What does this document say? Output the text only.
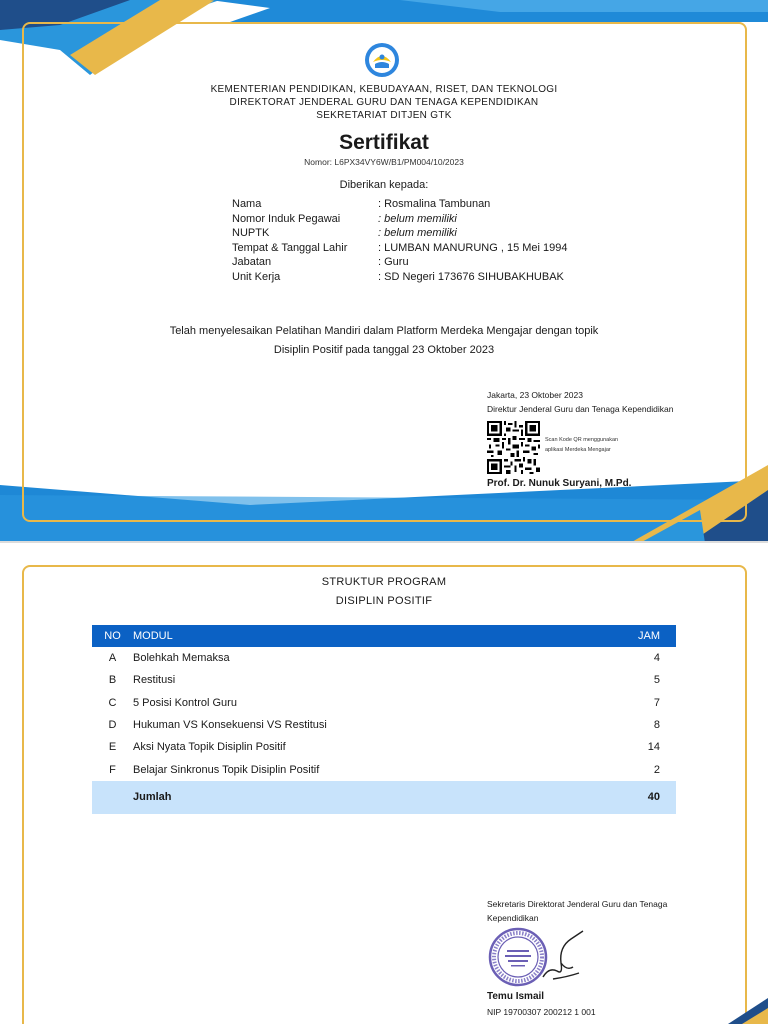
KEMENTERIAN PENDIDIKAN, KEBUDAYAAN, RISET, DAN TEKNOLOGI
DIREKTORAT JENDERAL GURU DAN TENAGA KEPENDIDIKAN
SEKRETARIAT DITJEN GTK
Sertifikat
Nomor: L6PX34VY6W/B1/PM004/10/2023
Diberikan kepada:
Nama	: Rosmalina Tambunan
Nomor Induk Pegawai	: belum memiliki
NUPTK	: belum memiliki
Tempat & Tanggal Lahir	: LUMBAN MANURUNG , 15 Mei 1994
Jabatan	: Guru
Unit Kerja	: SD Negeri 173676 SIHUBAKHUBAK
Telah menyelesaikan Pelatihan Mandiri dalam Platform Merdeka Mengajar dengan topik
Disiplin Positif pada tanggal 23 Oktober 2023
Jakarta, 23 Oktober 2023
Direktur Jenderal Guru dan Tenaga Kependidikan
Scan Kode QR menggunakan
aplikasi Merdeka Mengajar
Prof. Dr. Nunuk Suryani, M.Pd.
STRUKTUR PROGRAM
DISIPLIN POSITIF
NO	MODUL	JAM
A	Bolehkah Memaksa	4
B	Restitusi	5
C	5 Posisi Kontrol Guru	7
D	Hukuman VS Konsekuensi VS Restitusi	8
E	Aksi Nyata Topik Disiplin Positif	14
F	Belajar Sinkronus Topik Disiplin Positif	2
Jumlah	40
Sekretaris Direktorat Jenderal Guru dan Tenaga
Kependidikan
Temu Ismail
NIP 19700307 200212 1 001
